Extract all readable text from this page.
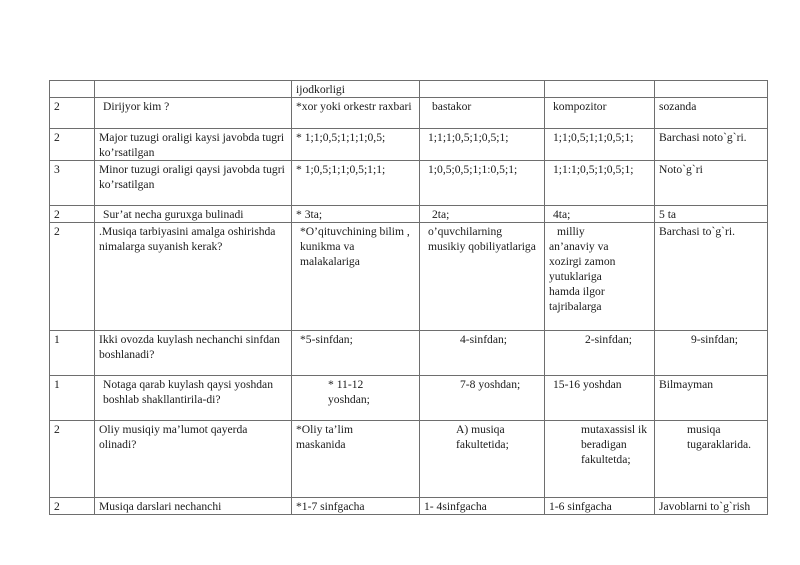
		ijodkorligi			
2	Dirijyor kim ?	*xor yoki orkestr raxbari	bastakor	kompozitor	sozanda
2	Major tuzugi oraligi kaysi javobda tugri ko’rsatilgan	* 1;1;0,5;1;1;1;0,5;	1;1;1;0,5;1;0,5;1;	1;1;0,5;1;1;0,5;1;	Barchasi noto`g`ri.
3	Minor tuzugi oraligi qaysi javobda tugri ko’rsatilgan	* 1;0,5;1;1;0,5;1;1;	1;0,5;0,5;1;1:0,5;1;	1;1:1;0,5;1;0,5;1;	Noto`g`ri
2	Sur’at necha guruxga bulinadi	* 3ta;	2ta;	4ta;	5 ta
2	.Musiqa tarbiyasini amalga oshirishda nimalarga suyanish kerak?	*O’qituvchining bilim , kunikma va malakalariga	o’quvchilarning musikiy qobiliyatlariga	milliy an’anaviy va xozirgi zamon yutuklariga hamda ilgor tajribalarga	Barchasi to`g`ri.
1	Ikki ovozda kuylash nechanchi sinfdan boshlanadi?	*5-sinfdan;	4-sinfdan;	2-sinfdan;	9-sinfdan;
1	Notaga qarab kuylash qaysi yoshdan boshlab shakllantirila-di?	* 11-12 yoshdan;	7-8 yoshdan;	15-16 yoshdan	Bilmayman
2	Oliy musiqiy ma’lumot qayerda olinadi?	*Oliy ta’lim maskanida	A) musiqa fakultetida;	mutaxassisl ik beradigan fakultetda;	musiqa tugaraklarida.

2	Musiqa darslari nechanchi	*1-7 sinfgacha	1- 4sinfgacha	1-6 sinfgacha	Javoblarni to`g`rish
